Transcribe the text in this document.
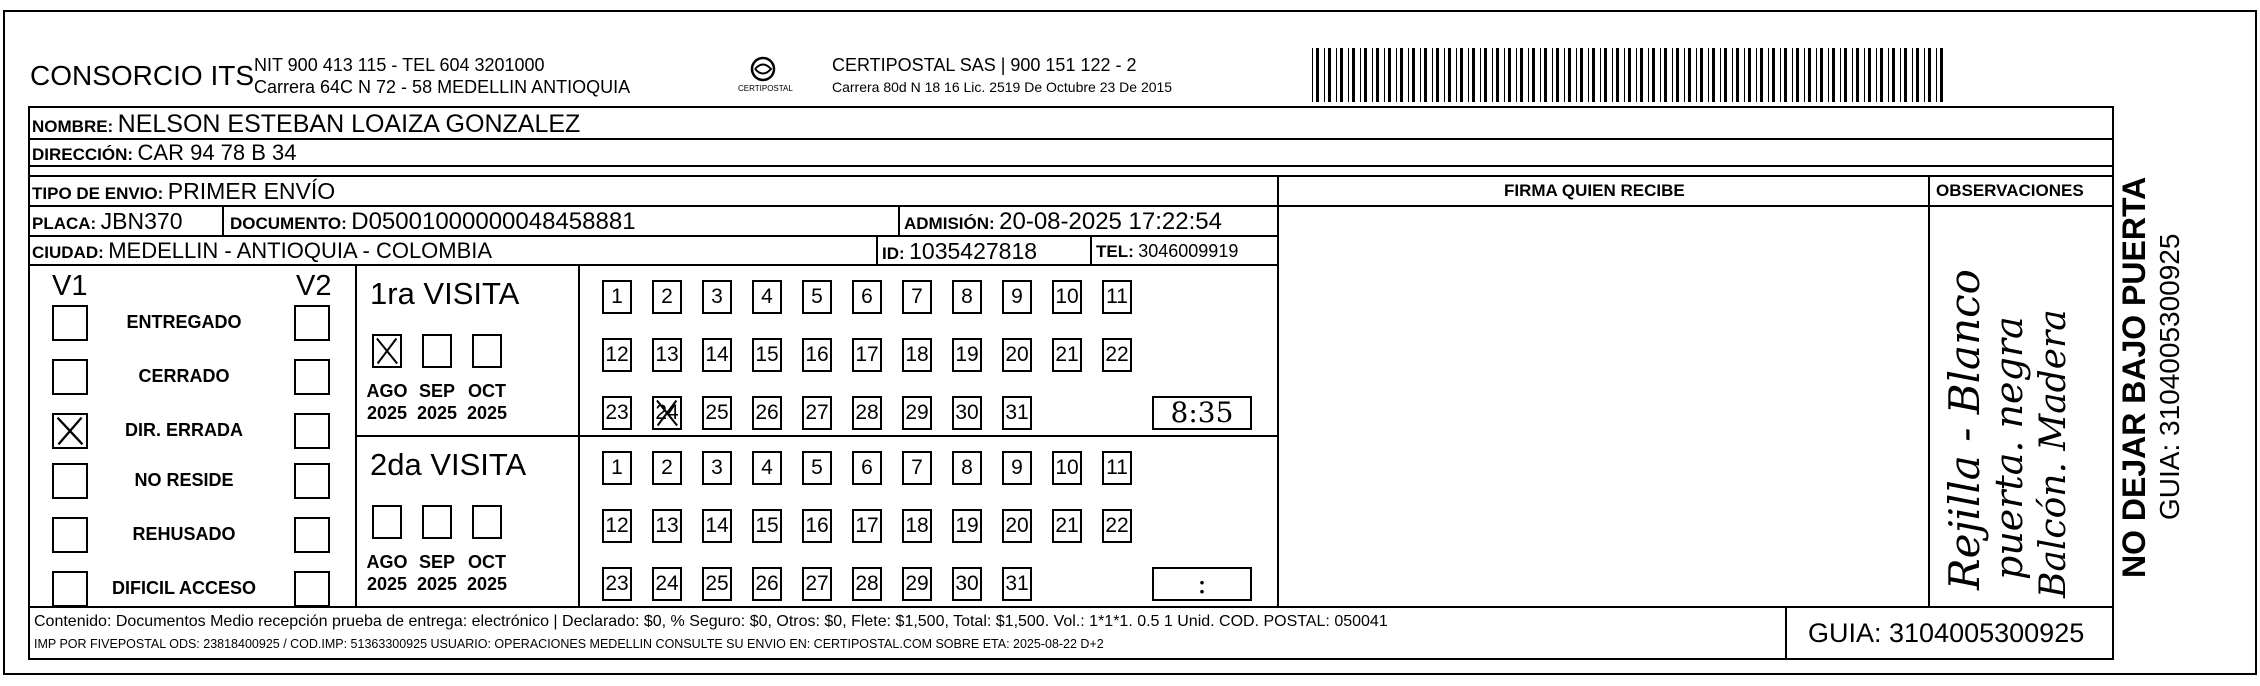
CONSORCIO ITS NIT 900 413 115 - TEL 604 3201000
Carrera 64C N 72 - 58 MEDELLIN ANTIOQUIA	CERTIPOSTAL
CERTIPOSTAL SAS | 900 151 122 - 2
Carrera 80d N 18 16 Lic. 2519 De Octubre 23 De 2015
NOMBRE: NELSON ESTEBAN LOAIZA GONZALEZ
DIRECCIÓN: CAR 94 78 B 34
TIPO DE ENVIO: PRIMER ENVÍO	FIRMA QUIEN RECIBE	OBSERVACIONES
PLACA: JBN370	DOCUMENTO: D05001000000048458881	ADMISIÓN: 20-08-2025 17:22:54
CIUDAD: MEDELLIN - ANTIOQUIA - COLOMBIA	ID: 1035427818	TEL: 3046009919
V1	V2	Rejilla - Blanco
puerta. negra Balcón. Madera NO DEJAR BAJO PUERTA GUIA: 3104005300925
Contenido: Documentos Medio recepción prueba de entrega: electrónico | Declarado: $0, % Seguro: $0, Otros: $0, Flete: $1,500, Total: $1,500. Vol.: 1*1*1. 0.5 1 Unid. COD. POSTAL: 050041
IMP POR FIVEPOSTAL ODS: 23818400925 / COD.IMP: 51363300925 USUARIO: OPERACIONES MEDELLIN CONSULTE SU ENVIO EN: CERTIPOSTAL.COM SOBRE ETA: 2025-08-22 D+2	GUIA: 3104005300925
ENTREGADO
CERRADO
DIR. ERRADA
NO RESIDE
REHUSADO
DIFICIL ACCESO
1ra VISITA
AGO
2025
SEP
2025
OCT
2025
1	2	3	4	5	6	7	8	9	10 11
12 13 14 15 16 17 18 19 20 21 22
23 24 25 26 27 28 29 30 31	8:35
2da VISITA
AGO
2025
SEP
2025
OCT
2025
1	2	3	4	5	6	7	8	9	10 11
12 13 14 15 16 17 18 19 20 21 22
23 24 25 26 27 28 29 30 31	:
